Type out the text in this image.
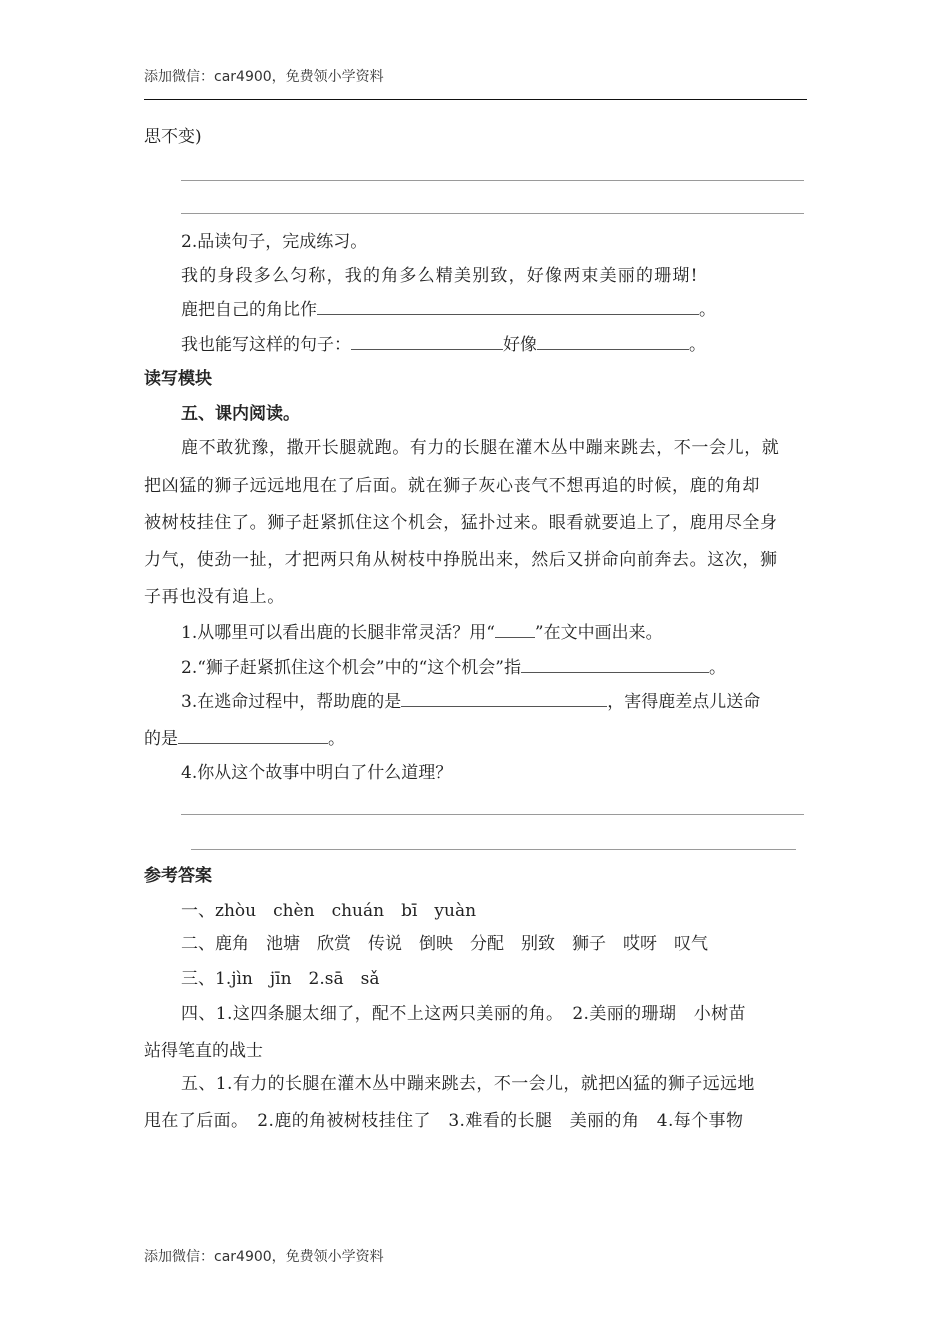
添加微信：car4900，免费领小学资料
思不变)
2.品读句子，完成练习。
我的身段多么匀称，我的角多么精美别致，好像两束美丽的珊瑚!
鹿把自己的角比作	。
我也能写这样的句子：	好像	。
读写模块
五、课内阅读。
鹿不敢犹豫，撒开长腿就跑。有力的长腿在灌木丛中蹦来跳去，不一会儿，就
把凶猛的狮子远远地甩在了后面。就在狮子灰心丧气不想再追的时候，鹿的角却
被树枝挂住了。狮子赶紧抓住这个机会，猛扑过来。眼看就要追上了，鹿用尽全身
力气，使劲一扯，才把两只角从树枝中挣脱出来，然后又拼命向前奔去。这次，狮
子再也没有追上。
1.从哪里可以看出鹿的长腿非常灵活？用“ ”在文中画出来。
2.“狮子赶紧抓住这个机会”中的“这个机会”指	。
3.在逃命过程中，帮助鹿的是	，害得鹿差点儿送命
的是	。
4.你从这个故事中明白了什么道理？
参考答案
一、zhòu　chèn　chuán　bī　yuàn
二、鹿角　池塘　欣赏　传说　倒映　分配　别致　狮子　哎呀　叹气
三、1.jìn　jīn　2.sā　sǎ
四、1.这四条腿太细了，配不上这两只美丽的角。　2.美丽的珊瑚　小树苗
站得笔直的战士
五、1.有力的长腿在灌木丛中蹦来跳去，不一会儿，就把凶猛的狮子远远地
甩在了后面。　2.鹿的角被树枝挂住了　3.难看的长腿　美丽的角　4.每个事物
添加微信：car4900，免费领小学资料
